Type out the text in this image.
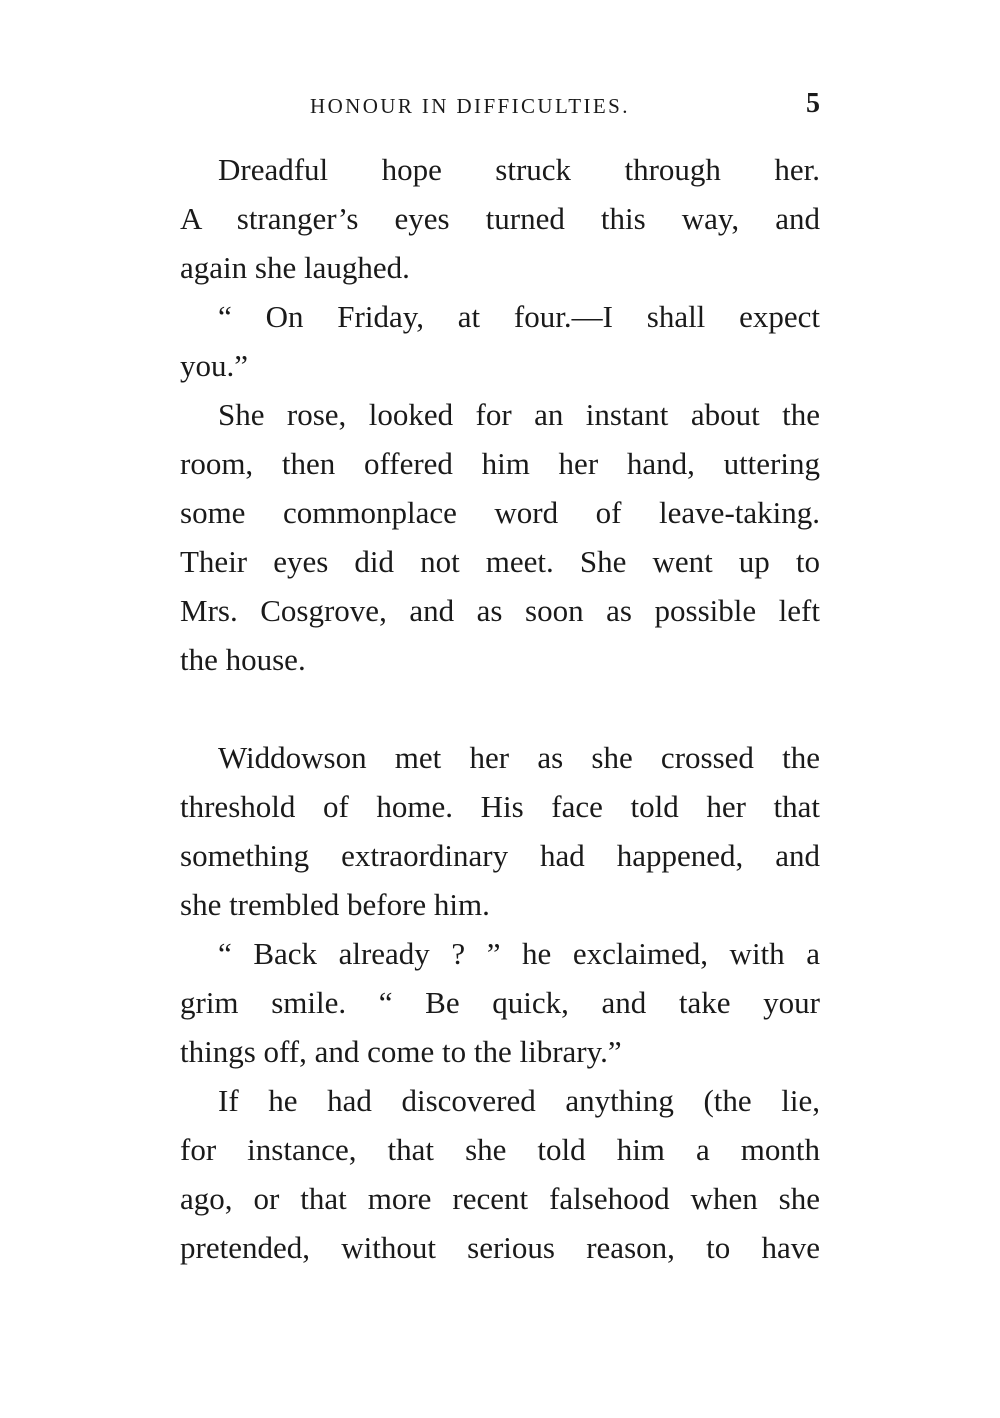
HONOUR IN DIFFICULTIES.	5
Dreadful hope struck through her.
A stranger’s eyes turned this way, and
again she laughed.
“ On Friday, at four.—I shall expect
you.”
She rose, looked for an instant about the
room, then offered him her hand, uttering
some commonplace word of leave-taking.
Their eyes did not meet. She went up to
Mrs. Cosgrove, and as soon as possible left
the house.
Widdowson met her as she crossed the
threshold of home. His face told her that
something extraordinary had happened, and
she trembled before him.
“ Back already ? ” he exclaimed, with a
grim smile. “ Be quick, and take your
things off, and come to the library.”
If he had discovered anything (the lie,
for instance, that she told him a month
ago, or that more recent falsehood when she
pretended, without serious reason, to have
